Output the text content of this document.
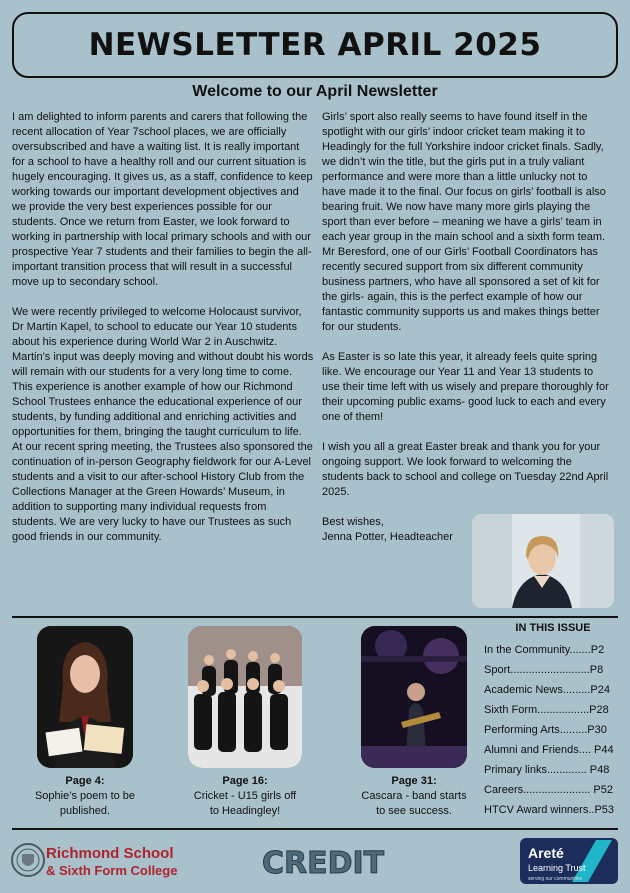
NEWSLETTER APRIL 2025
Welcome to our April Newsletter

I am delighted to inform parents and carers that following the recent allocation of Year 7school places, we are officially oversubscribed and have a waiting list. It is really important for a school to have a healthy roll and our current situation is hugely encouraging. It gives us, as a staff, confidence to keep working towards our important development objectives and we provide the very best experiences possible for our students. Once we return from Easter, we look forward to working in partnership with local primary schools and with our prospective Year 7 students and their families to begin the all-important transition process that will result in a successful move up to secondary school.

We were recently privileged to welcome Holocaust survivor, Dr Martin Kapel, to school to educate our Year 10 students about his experience during World War 2 in Auschwitz. Martin’s input was deeply moving and without doubt his words will remain with our students for a very long time to come. This experience is another example of how our Richmond School Trustees enhance the educational experience of our students, by funding additional and enriching activities and opportunities for them, bringing the taught curriculum to life. At our recent spring meeting, the Trustees also sponsored the continuation of in-person Geography fieldwork for our A-Level students and a visit to our after-school History Club from the Collections Manager at the Green Howards’ Museum, in addition to supporting many individual requests from students. We are very lucky to have our Trustees as such good friends in our community.

Girls’ sport also really seems to have found itself in the spotlight with our girls’ indoor cricket team making it to Headingly for the full Yorkshire indoor cricket finals. Sadly, we didn’t win the title, but the girls put in a truly valiant performance and were more than a little unlucky not to have made it to the final. Our focus on girls’ football is also bearing fruit. We now have many more girls playing the sport than ever before – meaning we have a girls’ team in each year group in the main school and a sixth form team. Mr Beresford, one of our Girls’ Football Coordinators has recently secured support from six different community business partners, who have all sponsored a set of kit for the girls- again, this is the perfect example of how our fantastic community supports us and makes things better for our students.

As Easter is so late this year, it already feels quite spring like. We encourage our Year 11 and Year 13 students to use their time left with us wisely and prepare thoroughly for their upcoming public exams- good luck to each and every one of them!

I wish you all a great Easter break and thank you for your ongoing support. We look forward to welcoming the students back to school and college on Tuesday 22nd April 2025.

Best wishes,
Jenna Potter, Headteacher
Page 4:
Sophie’s poem to be
published.
Page 16:
Cricket - U15 girls off
to Headingley!
Page 31:
Cascara - band starts
to see success.
IN THIS ISSUE
In the Community.......P2
Sport..........................P8
Academic News.........P24
Sixth Form.................P28
Performing Arts.........P30
Alumni and Friends.... P44
Primary links............. P48
Careers...................... P52
HTCV Award winners..P53
Richmond School
& Sixth Form College	CREDIT	Areté
Learning Trust
serving our communities
